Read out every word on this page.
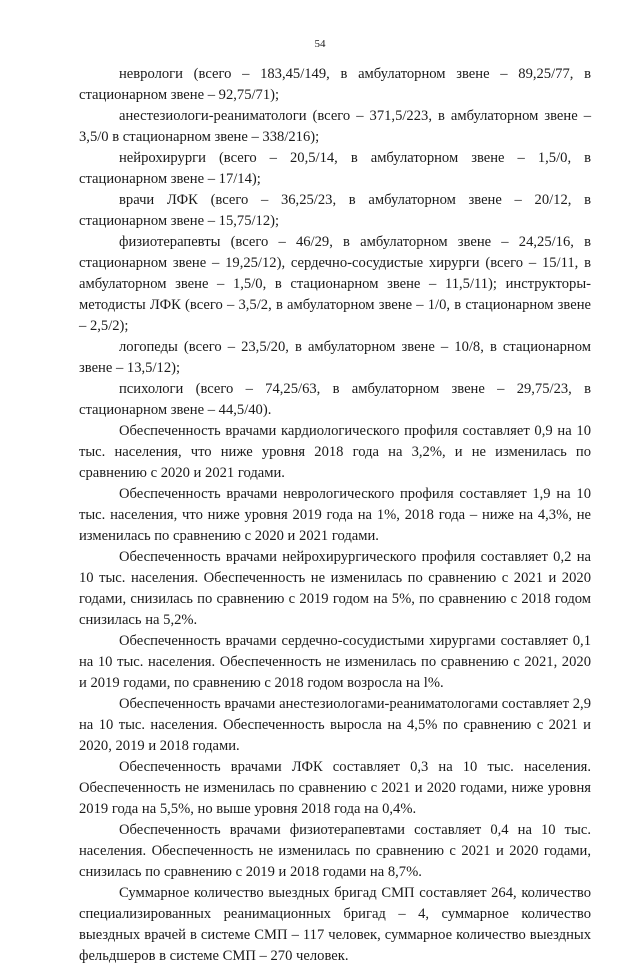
54

неврологи (всего – 183,45/149, в амбулаторном звене – 89,25/77, в стационарном звене – 92,75/71);

анестезиологи-реаниматологи (всего – 371,5/223, в амбулаторном звене – 3,5/0 в стационарном звене – 338/216);

нейрохирурги (всего – 20,5/14, в амбулаторном звене – 1,5/0, в стационарном звене – 17/14);

врачи ЛФК (всего – 36,25/23, в амбулаторном звене – 20/12, в стационарном звене – 15,75/12);

физиотерапевты (всего – 46/29, в амбулаторном звене – 24,25/16, в стационарном звене – 19,25/12), сердечно-сосудистые хирурги (всего – 15/11, в амбулаторном звене – 1,5/0, в стационарном звене – 11,5/11); инструкторы-методисты ЛФК (всего – 3,5/2, в амбулаторном звене – 1/0, в стационарном звене – 2,5/2);

логопеды (всего – 23,5/20, в амбулаторном звене – 10/8, в стационарном звене – 13,5/12);

психологи (всего – 74,25/63, в амбулаторном звене – 29,75/23, в стационарном звене – 44,5/40).

Обеспеченность врачами кардиологического профиля составляет 0,9 на 10 тыс. населения, что ниже уровня 2018 года на 3,2%, и не изменилась по сравнению с 2020 и 2021 годами.

Обеспеченность врачами неврологического профиля составляет 1,9 на 10 тыс. населения, что ниже уровня 2019 года на 1%, 2018 года – ниже на 4,3%, не изменилась по сравнению с 2020 и 2021 годами.

Обеспеченность врачами нейрохирургического профиля составляет 0,2 на 10 тыс. населения. Обеспеченность не изменилась по сравнению с 2021 и 2020 годами, снизилась по сравнению с 2019 годом на 5%, по сравнению с 2018 годом снизилась на 5,2%.

Обеспеченность врачами сердечно-сосудистыми хирургами составляет 0,1 на 10 тыс. населения. Обеспеченность не изменилась по сравнению с 2021, 2020 и 2019 годами, по сравнению с 2018 годом возросла на l%.

Обеспеченность врачами анестезиологами-реаниматологами составляет 2,9 на 10 тыс. населения. Обеспеченность выросла на 4,5% по сравнению с 2021 и 2020, 2019 и 2018 годами.

Обеспеченность врачами ЛФК составляет 0,3 на 10 тыс. населения. Обеспеченность не изменилась по сравнению с 2021 и 2020 годами, ниже уровня 2019 года на 5,5%, но выше уровня 2018 года на 0,4%.

Обеспеченность врачами физиотерапевтами составляет 0,4 на 10 тыс. населения. Обеспеченность не изменилась по сравнению с 2021 и 2020 годами, снизилась по сравнению с 2019 и 2018 годами на 8,7%.

Суммарное количество выездных бригад СМП составляет 264, количество специализированных реанимационных бригад – 4, суммарное количество выездных врачей в системе СМП – 117 человек, суммарное количество выездных фельдшеров в системе СМП – 270 человек.
